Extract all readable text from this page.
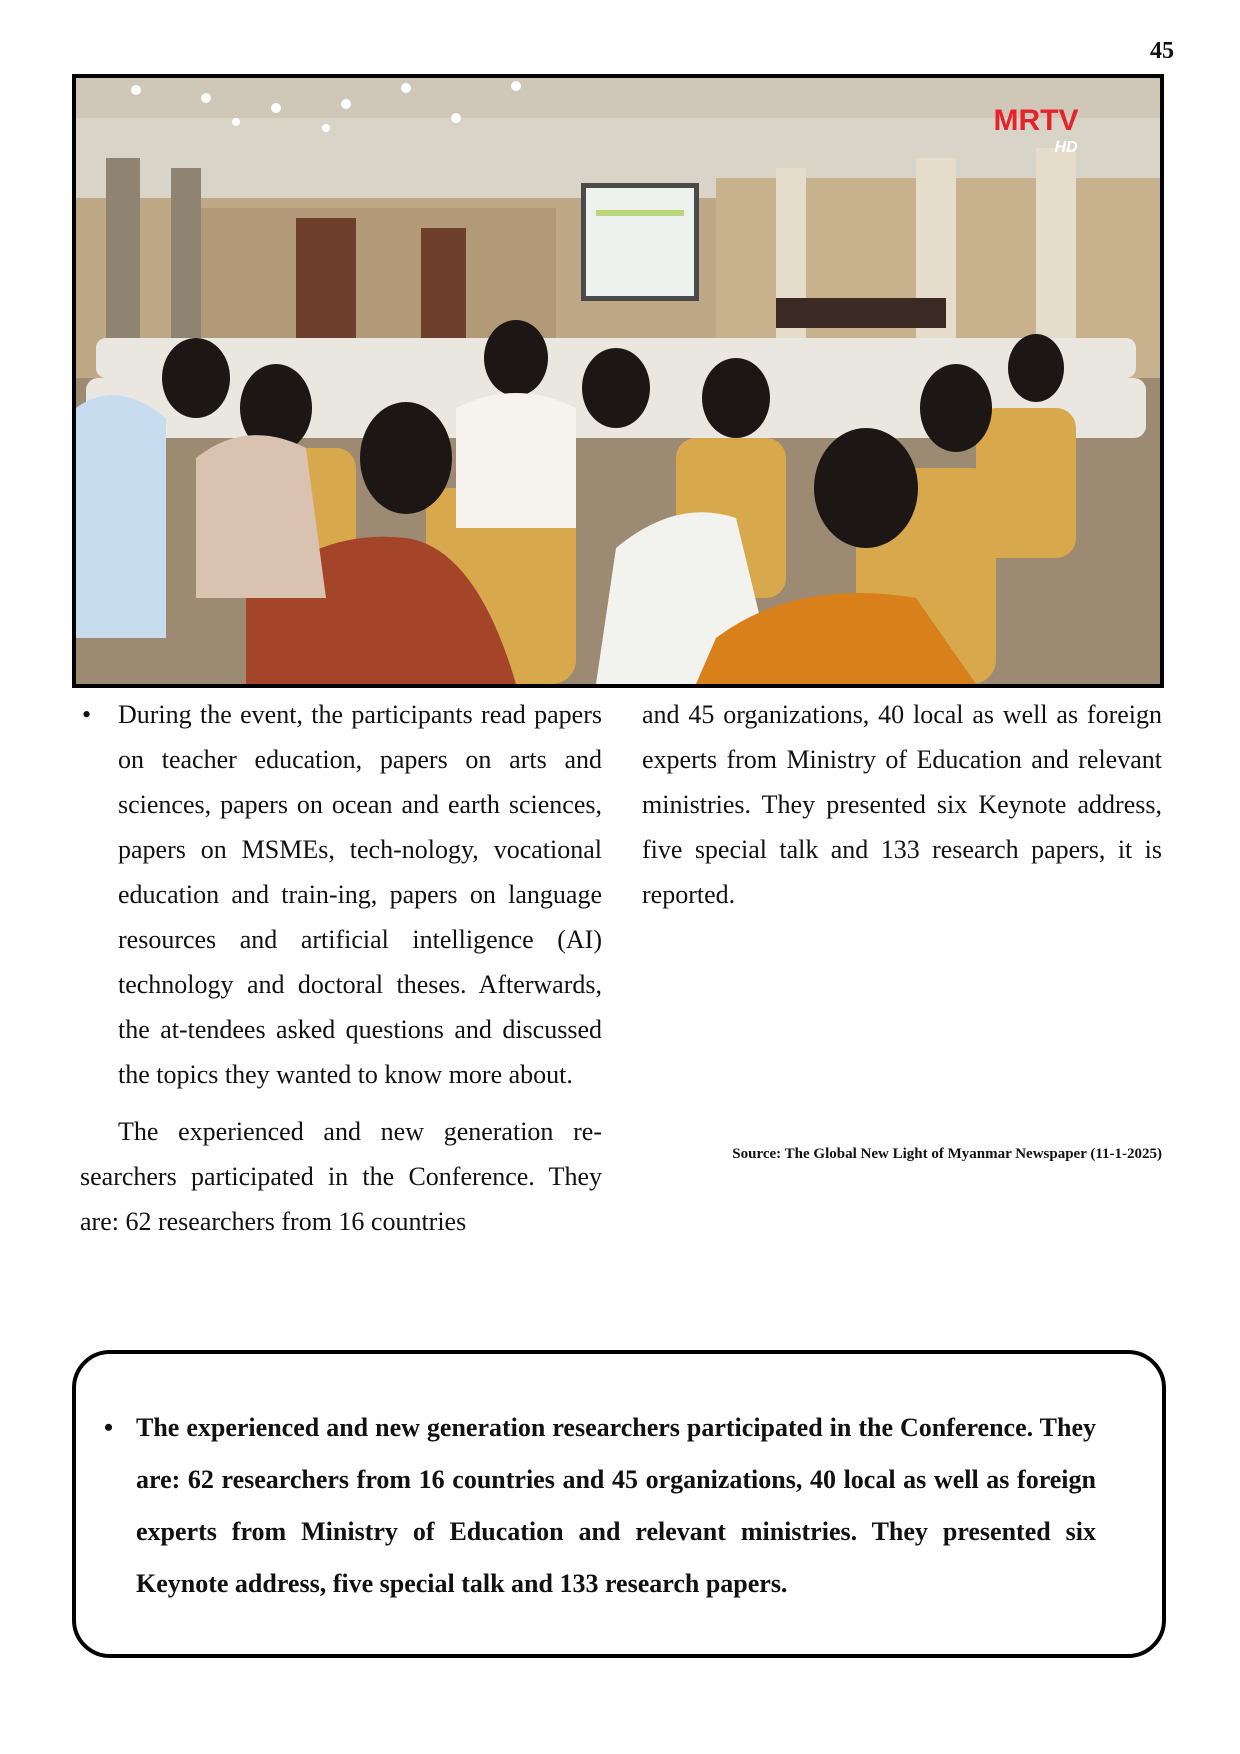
45
MRTV
HD

• During the event, the participants read papers on teacher education, papers on arts and sciences, papers on ocean and earth sciences, papers on MSMEs, tech-nology, vocational education and train-ing, papers on language resources and artificial intelligence (AI) technology and doctoral theses. Afterwards, the at-tendees asked questions and discussed the topics they wanted to know more about.

The experienced and new generation re-searchers participated in the Conference. They are: 62 researchers from 16 countries

and 45 organizations, 40 local as well as foreign experts from Ministry of Education and relevant ministries. They presented six Keynote address, five special talk and 133 research papers, it is reported.

Source: The Global New Light of Myanmar Newspaper (11-1-2025)
• The experienced and new generation researchers participated in the Conference. They are: 62 researchers from 16 countries and 45 organizations, 40 local as well as foreign experts from Ministry of Education and relevant ministries. They presented six Keynote address, five special talk and 133 research papers.
